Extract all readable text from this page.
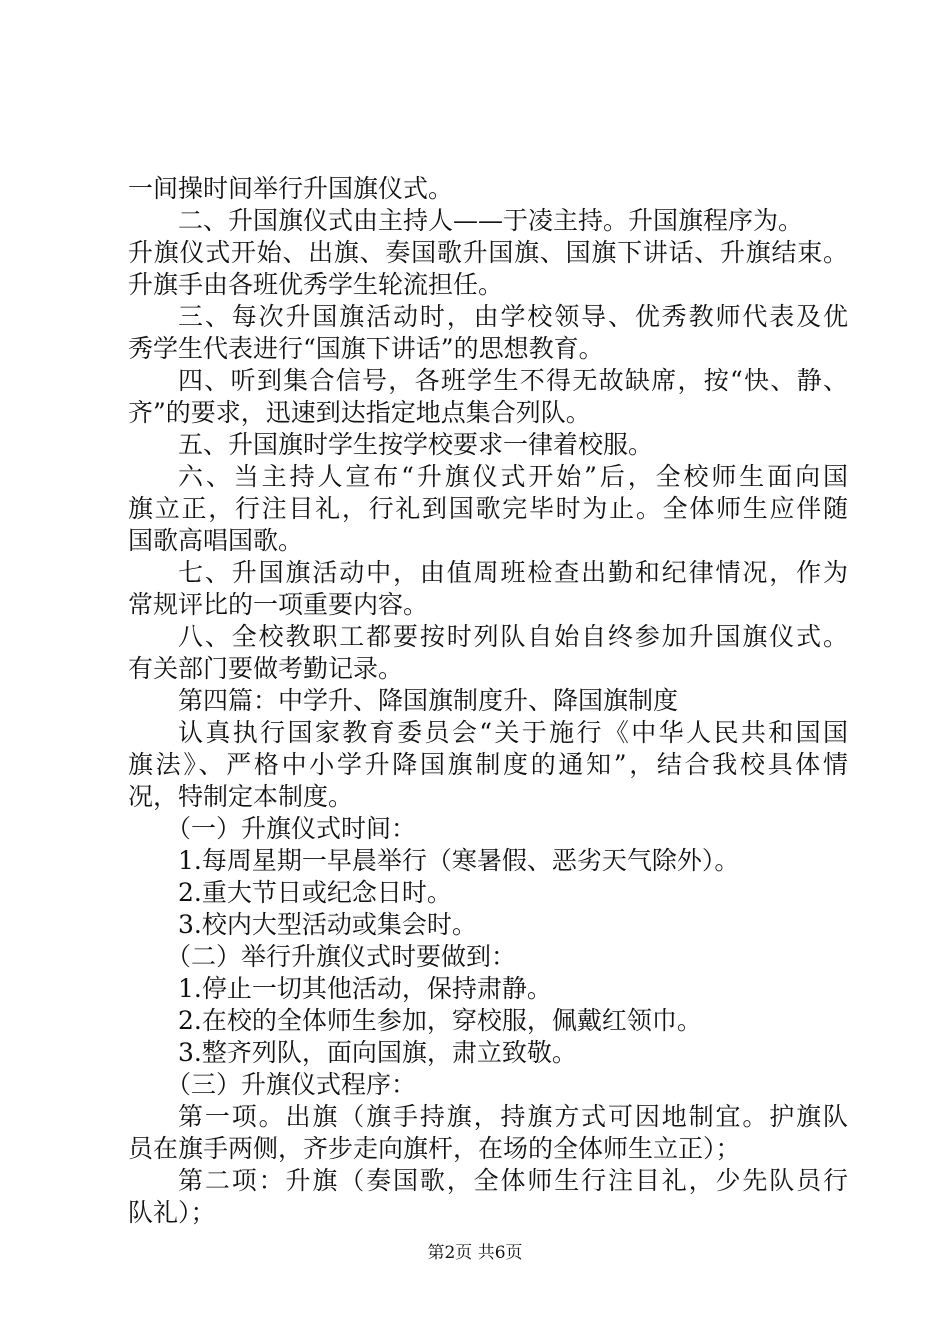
一间操时间举行升国旗仪式。
二、升国旗仪式由主持人——于凌主持。升国旗程序为。
升旗仪式开始、出旗、奏国歌升国旗、国旗下讲话、升旗结束。
升旗手由各班优秀学生轮流担任。
三、每次升国旗活动时，由学校领导、优秀教师代表及优
秀学生代表进行“国旗下讲话”的思想教育。
四、听到集合信号，各班学生不得无故缺席，按“快、静、
齐”的要求，迅速到达指定地点集合列队。
五、升国旗时学生按学校要求一律着校服。
六、当主持人宣布“升旗仪式开始”后，全校师生面向国
旗立正，行注目礼，行礼到国歌完毕时为止。全体师生应伴随
国歌高唱国歌。
七、升国旗活动中，由值周班检查出勤和纪律情况，作为
常规评比的一项重要内容。
八、全校教职工都要按时列队自始自终参加升国旗仪式。
有关部门要做考勤记录。
第四篇：中学升、降国旗制度升、降国旗制度
认真执行国家教育委员会“关于施行《中华人民共和国国
旗法》、严格中小学升降国旗制度的通知”，结合我校具体情
况，特制定本制度。
（一）升旗仪式时间：
1.每周星期一早晨举行（寒暑假、恶劣天气除外）。
2.重大节日或纪念日时。
3.校内大型活动或集会时。
（二）举行升旗仪式时要做到：
1.停止一切其他活动，保持肃静。
2.在校的全体师生参加，穿校服，佩戴红领巾。
3.整齐列队，面向国旗，肃立致敬。
（三）升旗仪式程序：
第一项。出旗（旗手持旗，持旗方式可因地制宜。护旗队
员在旗手两侧，齐步走向旗杆，在场的全体师生立正）；
第二项：升旗（奏国歌，全体师生行注目礼，少先队员行
队礼）；
第2页 共6页
